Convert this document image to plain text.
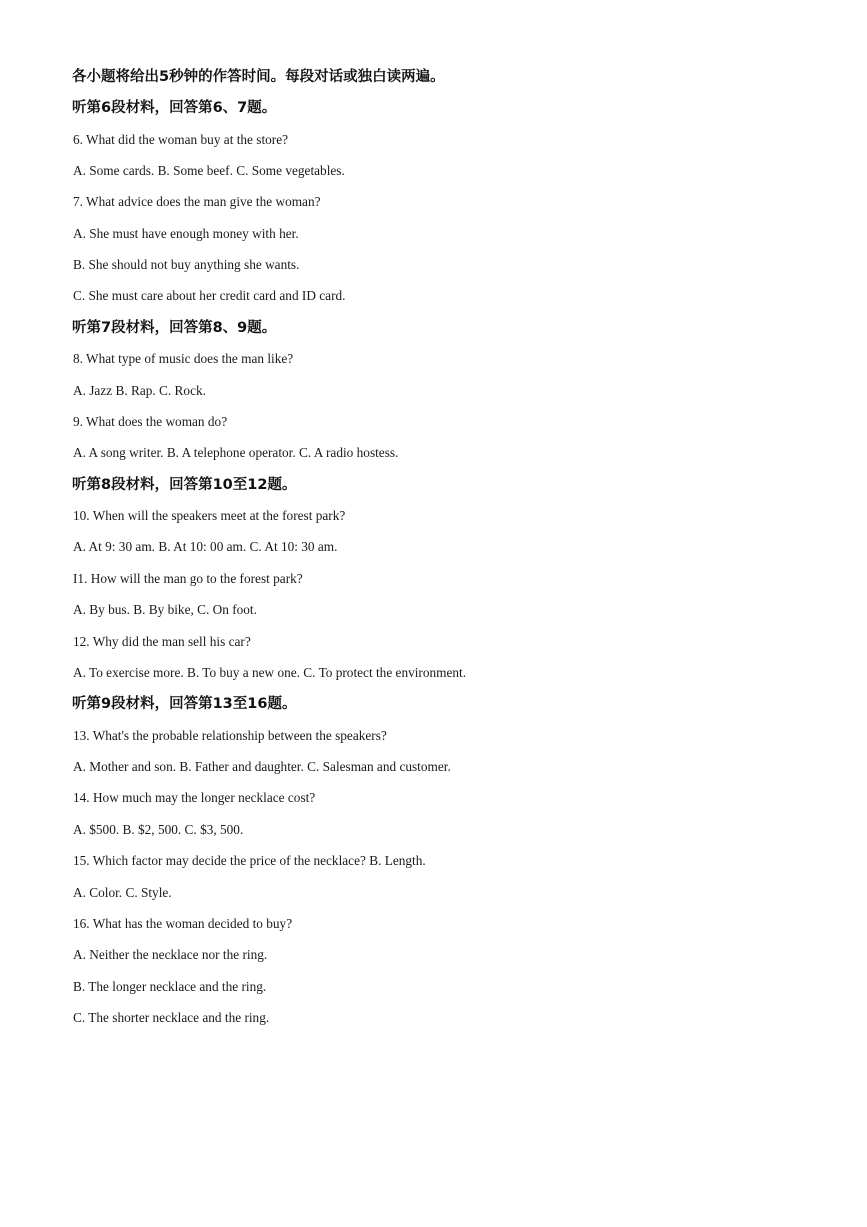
各小题将给出5秒钟的作答时间。每段对话或独白读两遍。
听第6段材料，回答第6、7题。
6. What did the woman buy at the store?
A. Some cards. B. Some beef. C. Some vegetables.
7. What advice does the man give the woman?
A. She must have enough money with her.
B. She should not buy anything she wants.
C. She must care about her credit card and ID card.
听第7段材料，回答第8、9题。
8. What type of music does the man like?
A. Jazz B. Rap. C. Rock.
9. What does the woman do?
A. A song writer. B. A telephone operator. C. A radio hostess.
听第8段材料，回答第10至12题。
10. When will the speakers meet at the forest park?
A. At 9: 30 am. B. At 10: 00 am. C. At 10: 30 am.
I1. How will the man go to the forest park?
A. By bus. B. By bike, C. On foot.
12. Why did the man sell his car?
A. To exercise more. B. To buy a new one. C. To protect the environment.
听第9段材料，回答第13至16题。
13. What's the probable relationship between the speakers?
A. Mother and son. B. Father and daughter. C. Salesman and customer.
14. How much may the longer necklace cost?
A. $500. B. $2, 500. C. $3, 500.
15. Which factor may decide the price of the necklace? B. Length.
A. Color. C. Style.
16. What has the woman decided to buy?
A. Neither the necklace nor the ring.
B. The longer necklace and the ring.
C. The shorter necklace and the ring.
